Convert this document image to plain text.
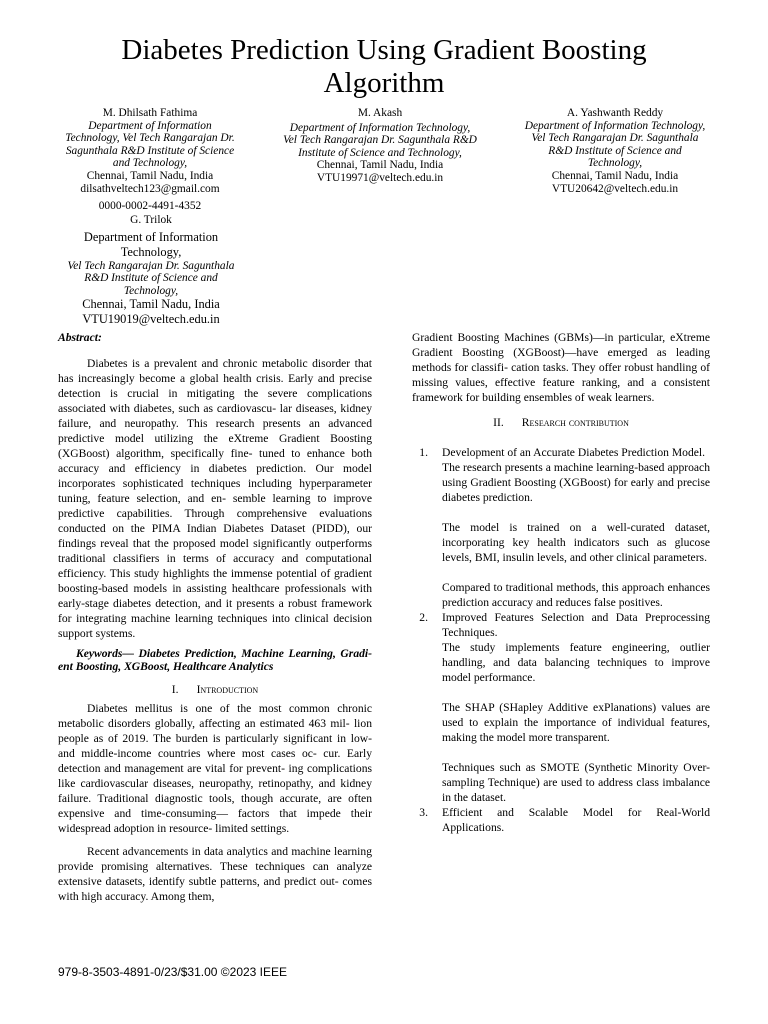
Diabetes Prediction Using Gradient Boosting Algorithm
M. Dhilsath Fathima
Department of Information Technology, Vel Tech Rangarajan Dr. Sagunthala R&D Institute of Science and Technology,
Chennai, Tamil Nadu, India
dilsathveltech123@gmail.com
0000-0002-4491-4352
M. Akash
Department of Information Technology, Vel Tech Rangarajan Dr. Sagunthala R&D Institute of Science and Technology,
Chennai, Tamil Nadu, India
VTU19971@veltech.edu.in
A. Yashwanth Reddy
Department of Information Technology, Vel Tech Rangarajan Dr. Sagunthala R&D Institute of Science and Technology,
Chennai, Tamil Nadu, India
VTU20642@veltech.edu.in
G. Trilok
Department of Information Technology,
Vel Tech Rangarajan Dr. Sagunthala R&D Institute of Science and Technology,
Chennai, Tamil Nadu, India
VTU19019@veltech.edu.in

Abstract:

Diabetes is a prevalent and chronic metabolic disorder that has increasingly become a global health crisis. Early and precise detection is crucial in mitigating the severe complications associated with diabetes, such as cardiovascu- lar diseases, kidney failure, and neuropathy. This research presents an advanced predictive model utilizing the eXtreme Gradient Boosting (XGBoost) algorithm, specifically fine- tuned to enhance both accuracy and efficiency in diabetes prediction. Our model incorporates sophisticated techniques including hyperparameter tuning, feature selection, and en- semble learning to improve predictive capabilities. Through comprehensive evaluations conducted on the PIMA Indian Diabetes Dataset (PIDD), our findings reveal that the proposed model significantly outperforms traditional classifiers in terms of accuracy and computational efficiency. This study highlights the immense potential of gradient boosting-based models in assisting healthcare professionals with early-stage diabetes detection, and it presents a robust framework for integrating machine learning techniques into clinical decision support systems.

Keywords— Diabetes Prediction, Machine Learning, Gradi- ent Boosting, XGBoost, Healthcare Analytics

I. Introduction

Diabetes mellitus is one of the most common chronic metabolic disorders globally, affecting an estimated 463 mil- lion people as of 2019. The burden is particularly significant in low- and middle-income countries where most cases oc- cur. Early detection and management are vital for prevent- ing complications like cardiovascular diseases, neuropathy, retinopathy, and kidney failure. Traditional diagnostic tools, though accurate, are often expensive and time-consuming— factors that impede their widespread adoption in resource- limited settings.

Recent advancements in data analytics and machine learning provide promising alternatives. These techniques can analyze extensive datasets, identify subtle patterns, and predict out- comes with high accuracy. Among them,

Gradient Boosting Machines (GBMs)—in particular, eXtreme Gradient Boosting (XGBoost)—have emerged as leading methods for classifi- cation tasks. They offer robust handling of missing values, effective feature ranking, and a consistent framework for building ensembles of weak learners.

II. Research contribution

1. Development of an Accurate Diabetes Prediction Model.

The research presents a machine learning-based approach using Gradient Boosting (XGBoost) for early and precise diabetes prediction.

The model is trained on a well-curated dataset, incorporating key health indicators such as glucose levels, BMI, insulin levels, and other clinical parameters.

Compared to traditional methods, this approach enhances prediction accuracy and reduces false positives.

2. Improved Features Selection and Data Preprocessing Techniques.

The study implements feature engineering, outlier handling, and data balancing techniques to improve model performance.

The SHAP (SHapley Additive exPlanations) values are used to explain the importance of individual features, making the model more transparent.

Techniques such as SMOTE (Synthetic Minority Over-sampling Technique) are used to address class imbalance in the dataset.

3. Efficient and Scalable Model for Real-World Applications.

979-8-3503-4891-0/23/$31.00 ©2023 IEEE
